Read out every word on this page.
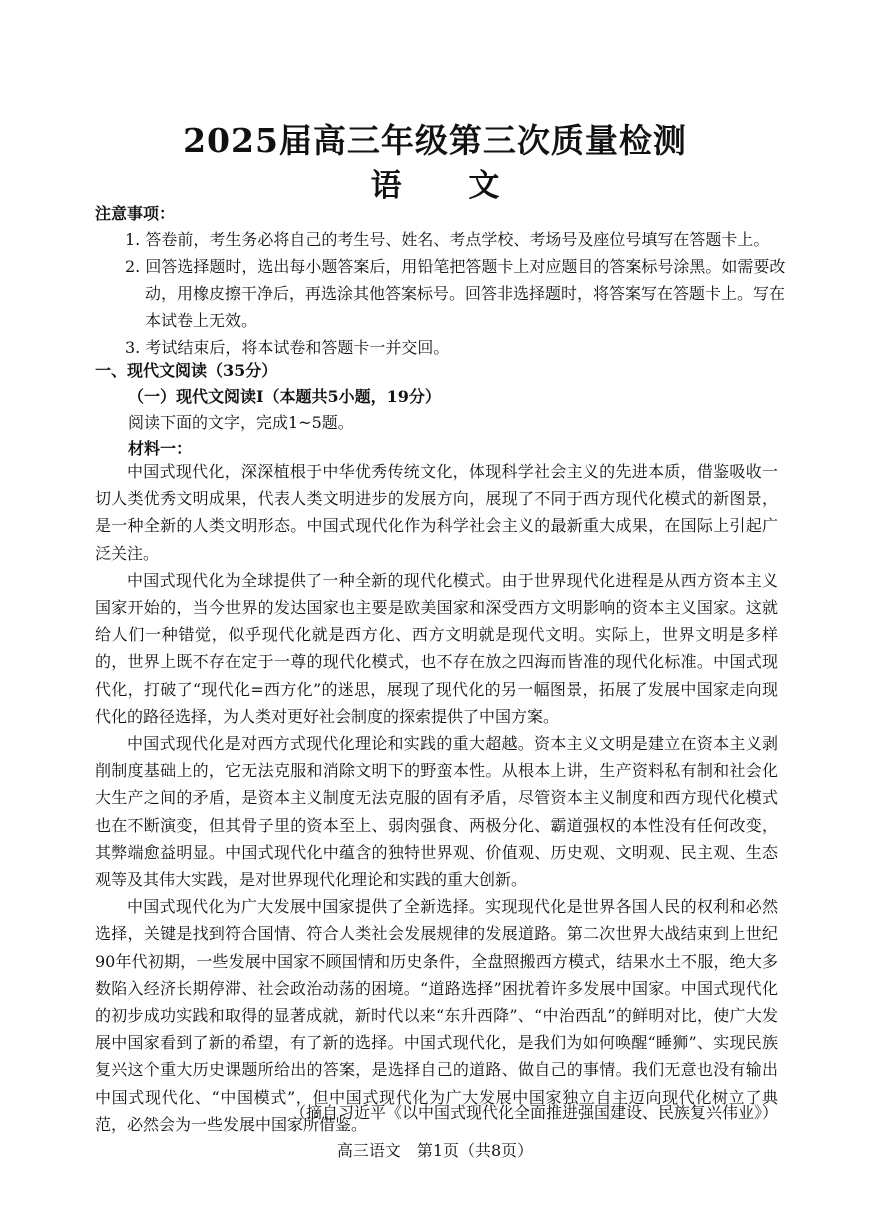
2025届高三年级第三次质量检测
语 文
注意事项：
1. 答卷前，考生务必将自己的考生号、姓名、考点学校、考场号及座位号填写在答题卡上。
2. 回答选择题时，选出每小题答案后，用铅笔把答题卡上对应题目的答案标号涂黑。如需要改动，用橡皮擦干净后，再选涂其他答案标号。回答非选择题时，将答案写在答题卡上。写在本试卷上无效。
3. 考试结束后，将本试卷和答题卡一并交回。
一、现代文阅读（35分）
（一）现代文阅读Ⅰ（本题共5小题，19分）
阅读下面的文字，完成1~5题。
材料一：

中国式现代化，深深植根于中华优秀传统文化，体现科学社会主义的先进本质，借鉴吸收一切人类优秀文明成果，代表人类文明进步的发展方向，展现了不同于西方现代化模式的新图景，是一种全新的人类文明形态。中国式现代化作为科学社会主义的最新重大成果，在国际上引起广泛关注。

中国式现代化为全球提供了一种全新的现代化模式。由于世界现代化进程是从西方资本主义国家开始的，当今世界的发达国家也主要是欧美国家和深受西方文明影响的资本主义国家。这就给人们一种错觉，似乎现代化就是西方化、西方文明就是现代文明。实际上，世界文明是多样的，世界上既不存在定于一尊的现代化模式，也不存在放之四海而皆准的现代化标准。中国式现代化，打破了“现代化=西方化”的迷思，展现了现代化的另一幅图景，拓展了发展中国家走向现代化的路径选择，为人类对更好社会制度的探索提供了中国方案。

中国式现代化是对西方式现代化理论和实践的重大超越。资本主义文明是建立在资本主义剥削制度基础上的，它无法克服和消除文明下的野蛮本性。从根本上讲，生产资料私有制和社会化大生产之间的矛盾，是资本主义制度无法克服的固有矛盾，尽管资本主义制度和西方现代化模式也在不断演变，但其骨子里的资本至上、弱肉强食、两极分化、霸道强权的本性没有任何改变，其弊端愈益明显。中国式现代化中蕴含的独特世界观、价值观、历史观、文明观、民主观、生态观等及其伟大实践，是对世界现代化理论和实践的重大创新。

中国式现代化为广大发展中国家提供了全新选择。实现现代化是世界各国人民的权利和必然选择，关键是找到符合国情、符合人类社会发展规律的发展道路。第二次世界大战结束到上世纪90年代初期，一些发展中国家不顾国情和历史条件，全盘照搬西方模式，结果水土不服，绝大多数陷入经济长期停滞、社会政治动荡的困境。“道路选择”困扰着许多发展中国家。中国式现代化的初步成功实践和取得的显著成就，新时代以来“东升西降”、“中治西乱”的鲜明对比，使广大发展中国家看到了新的希望，有了新的选择。中国式现代化，是我们为如何唤醒“睡狮”、实现民族复兴这个重大历史课题所给出的答案，是选择自己的道路、做自己的事情。我们无意也没有输出中国式现代化、“中国模式”，但中国式现代化为广大发展中国家独立自主迈向现代化树立了典范，必然会为一些发展中国家所借鉴。

（摘自习近平《以中国式现代化全面推进强国建设、民族复兴伟业》）
高三语文　第1页（共8页）
